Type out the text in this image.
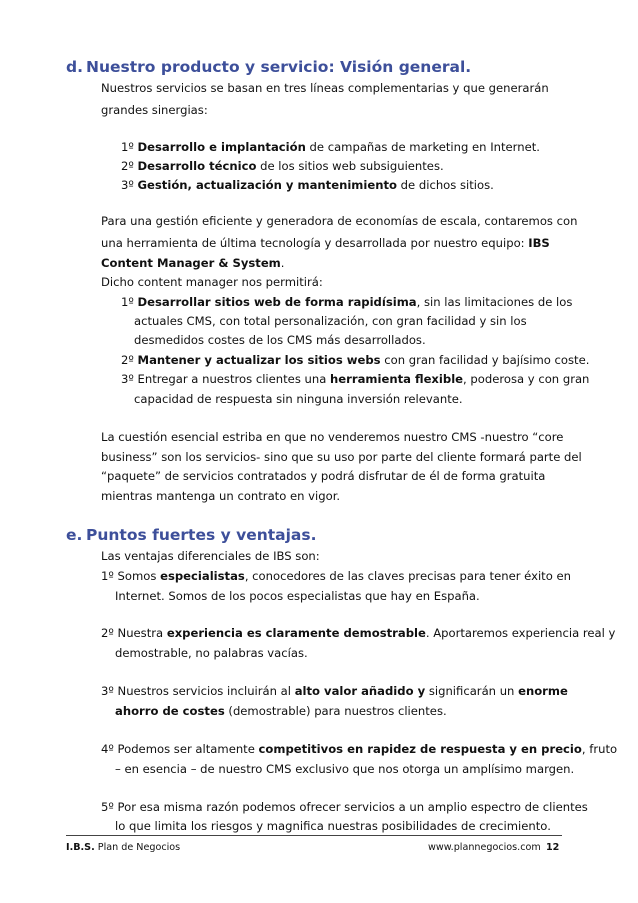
d. Nuestro producto y servicio: Visión general.

Nuestros servicios se basan en tres líneas complementarias y que generarán

grandes sinergias:

1º Desarrollo e implantación de campañas de marketing en Internet.

2º Desarrollo técnico de los sitios web subsiguientes.

3º Gestión, actualización y mantenimiento de dichos sitios.

Para una gestión eficiente y generadora de economías de escala, contaremos con

una herramienta de última tecnología y desarrollada por nuestro equipo: IBS

Content Manager & System.

Dicho content manager nos permitirá:

1º Desarrollar sitios web de forma rapidísima, sin las limitaciones de los

actuales CMS, con total personalización, con gran facilidad y sin los

desmedidos costes de los CMS más desarrollados.

2º Mantener y actualizar los sitios webs con gran facilidad y bajísimo coste.

3º Entregar a nuestros clientes una herramienta flexible, poderosa y con gran

capacidad de respuesta sin ninguna inversión relevante.

La cuestión esencial estriba en que no venderemos nuestro CMS -nuestro “core

business” son los servicios- sino que su uso por parte del cliente formará parte del

“paquete” de servicios contratados y podrá disfrutar de él de forma gratuita

mientras mantenga un contrato en vigor.

e. Puntos fuertes y ventajas.

Las ventajas diferenciales de IBS son:

1º Somos especialistas, conocedores de las claves precisas para tener éxito en

Internet. Somos de los pocos especialistas que hay en España.

2º Nuestra experiencia es claramente demostrable. Aportaremos experiencia real y

demostrable, no palabras vacías.

3º Nuestros servicios incluirán al alto valor añadido y significarán un enorme

ahorro de costes (demostrable) para nuestros clientes.

4º Podemos ser altamente competitivos en rapidez de respuesta y en precio, fruto

– en esencia – de nuestro CMS exclusivo que nos otorga un amplísimo margen.

5º Por esa misma razón podemos ofrecer servicios a un amplio espectro de clientes

lo que limita los riesgos y magnifica nuestras posibilidades de crecimiento.

I.B.S. Plan de Negocios	www.plannegocios.com 12
